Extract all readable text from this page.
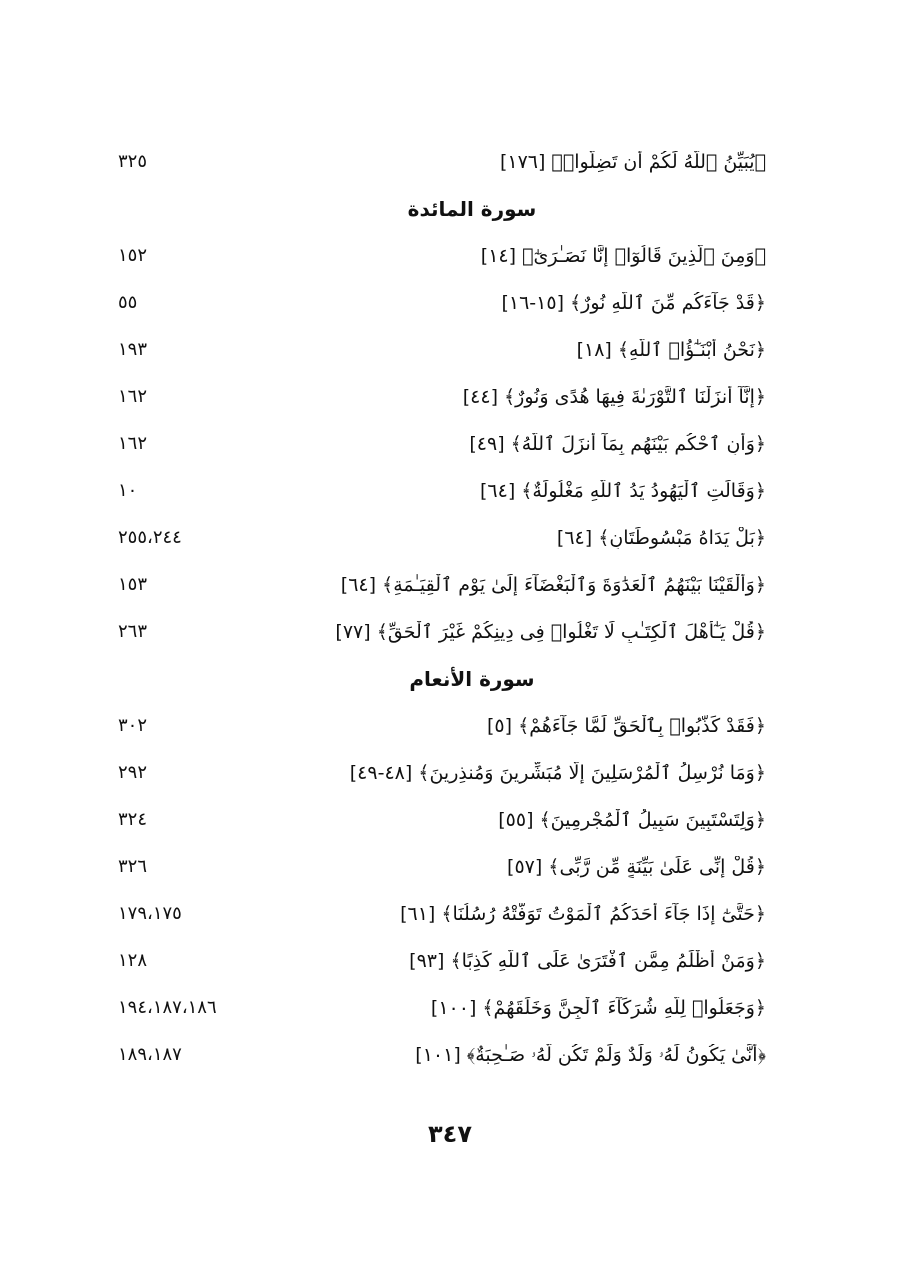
٣٢٥	﴿يُبَيِّنُ ٱللَّهُ لَكُمْ أَن تَضِلُّوا۟﴾ [١٧٦]
سورة المائدة
١٥٢	﴿وَمِنَ ٱلَّذِينَ قَالُوٓا۟ إِنَّا نَصَـٰرَىٰٓ﴾ [١٤]
٥٥	﴿قَدْ جَآءَكُم مِّنَ ٱللَّهِ نُورٌ﴾ [١٥-١٦]
١٩٣	﴿نَحْنُ أَبْنَـٰٓؤُا۟ ٱللَّهِ﴾ [١٨]
١٦٢	﴿إِنَّآ أَنزَلْنَا ٱلتَّوْرَىٰةَ فِيهَا هُدًى وَنُورٌ﴾ [٤٤]
١٦٢	﴿وَأَنِ ٱحْكُم بَيْنَهُم بِمَآ أَنزَلَ ٱللَّهُ﴾ [٤٩]
١٠	﴿وَقَالَتِ ٱلْيَهُودُ يَدُ ٱللَّهِ مَغْلُولَةٌ﴾ [٦٤]
٢٥٥،٢٤٤	﴿بَلْ يَدَاهُ مَبْسُوطَتَانِ﴾ [٦٤]
١٥٣	﴿وَأَلْقَيْنَا بَيْنَهُمُ ٱلْعَدَٰوَةَ وَٱلْبَغْضَآءَ إِلَىٰ يَوْمِ ٱلْقِيَـٰمَةِ﴾ [٦٤]
٢٦٣	﴿قُلْ يَـٰٓأَهْلَ ٱلْكِتَـٰبِ لَا تَغْلُوا۟ فِى دِينِكُمْ غَيْرَ ٱلْحَقِّ﴾ [٧٧]
سورة الأنعام
٣٠٢	﴿فَقَدْ كَذَّبُوا۟ بِٱلْحَقِّ لَمَّا جَآءَهُمْ﴾ [٥]
٢٩٢	﴿وَمَا نُرْسِلُ ٱلْمُرْسَلِينَ إِلَّا مُبَشِّرِينَ وَمُنذِرِينَ﴾ [٤٨-٤٩]
٣٢٤	﴿وَلِتَسْتَبِينَ سَبِيلُ ٱلْمُجْرِمِينَ﴾ [٥٥]
٣٢٦	﴿قُلْ إِنِّى عَلَىٰ بَيِّنَةٍ مِّن رَّبِّى﴾ [٥٧]
١٧٩،١٧٥	﴿حَتَّىٰٓ إِذَا جَآءَ أَحَدَكُمُ ٱلْمَوْتُ تَوَفَّتْهُ رُسُلُنَا﴾ [٦١]
١٢٨	﴿وَمَنْ أَظْلَمُ مِمَّنِ ٱفْتَرَىٰ عَلَى ٱللَّهِ كَذِبًا﴾ [٩٣]
١٩٤،١٨٧،١٨٦	﴿وَجَعَلُوا۟ لِلَّهِ شُرَكَآءَ ٱلْجِنَّ وَخَلَقَهُمْ﴾ [١٠٠]
١٨٩،١٨٧	﴿أَنَّىٰ يَكُونُ لَهُۥ وَلَدٌ وَلَمْ تَكُن لَّهُۥ صَـٰحِبَةٌ﴾ [١٠١]
٣٤٧
